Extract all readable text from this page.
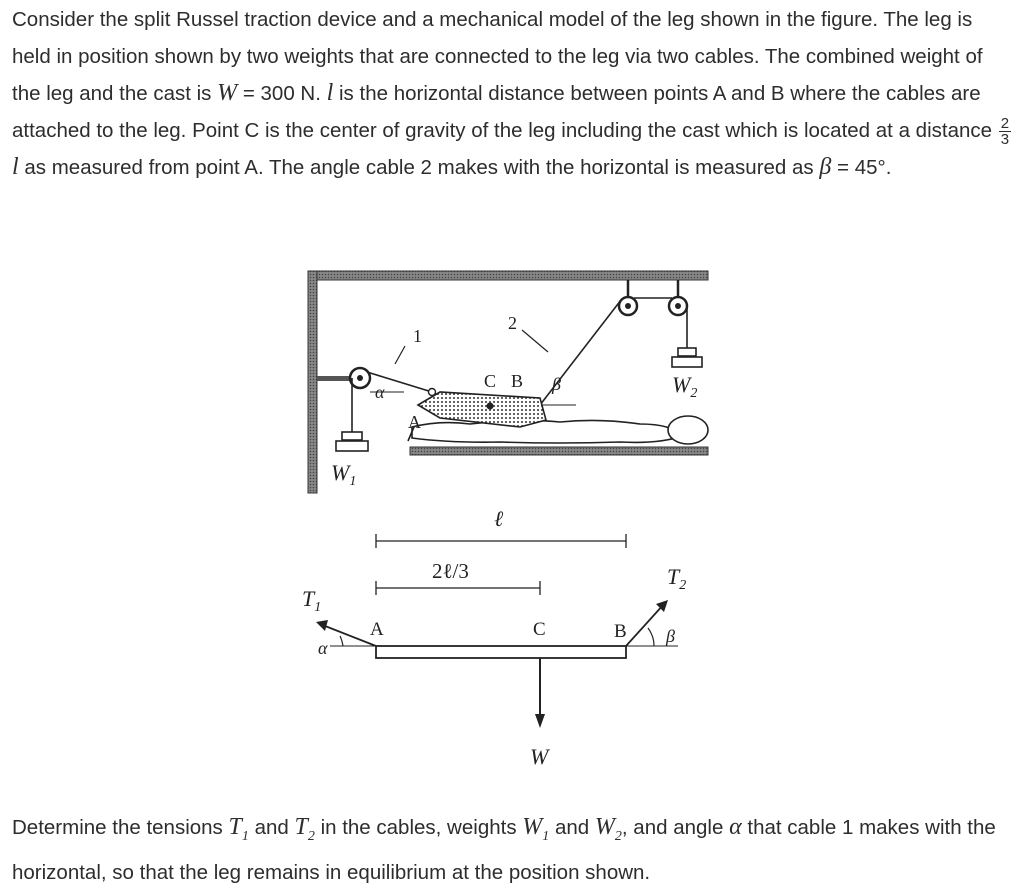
Consider the split Russel traction device and a mechanical model of the leg shown in the figure. The leg is held in position shown by two weights that are connected to the leg via two cables. The combined weight of the leg and the cast is W = 300 N. l is the horizontal distance between points A and B where the cables are attached to the leg. Point C is the center of gravity of the leg including the cast which is located at a distance $\frac{2}{3}$
l as measured from point A. The angle cable 2 makes with the horizontal is measured as β = 45°.
1
2
C B
A
α	β	$W_2$
$W_1$
ℓ
2ℓ/3
$T_1$
$T_2$
A	C	B
α
β
W
Determine the tensions $T_1$ and $T_2$ in the cables, weights $W_1$ and $W_2$, and angle α that cable 1 makes with the horizontal, so that the leg remains in equilibrium at the position shown.
